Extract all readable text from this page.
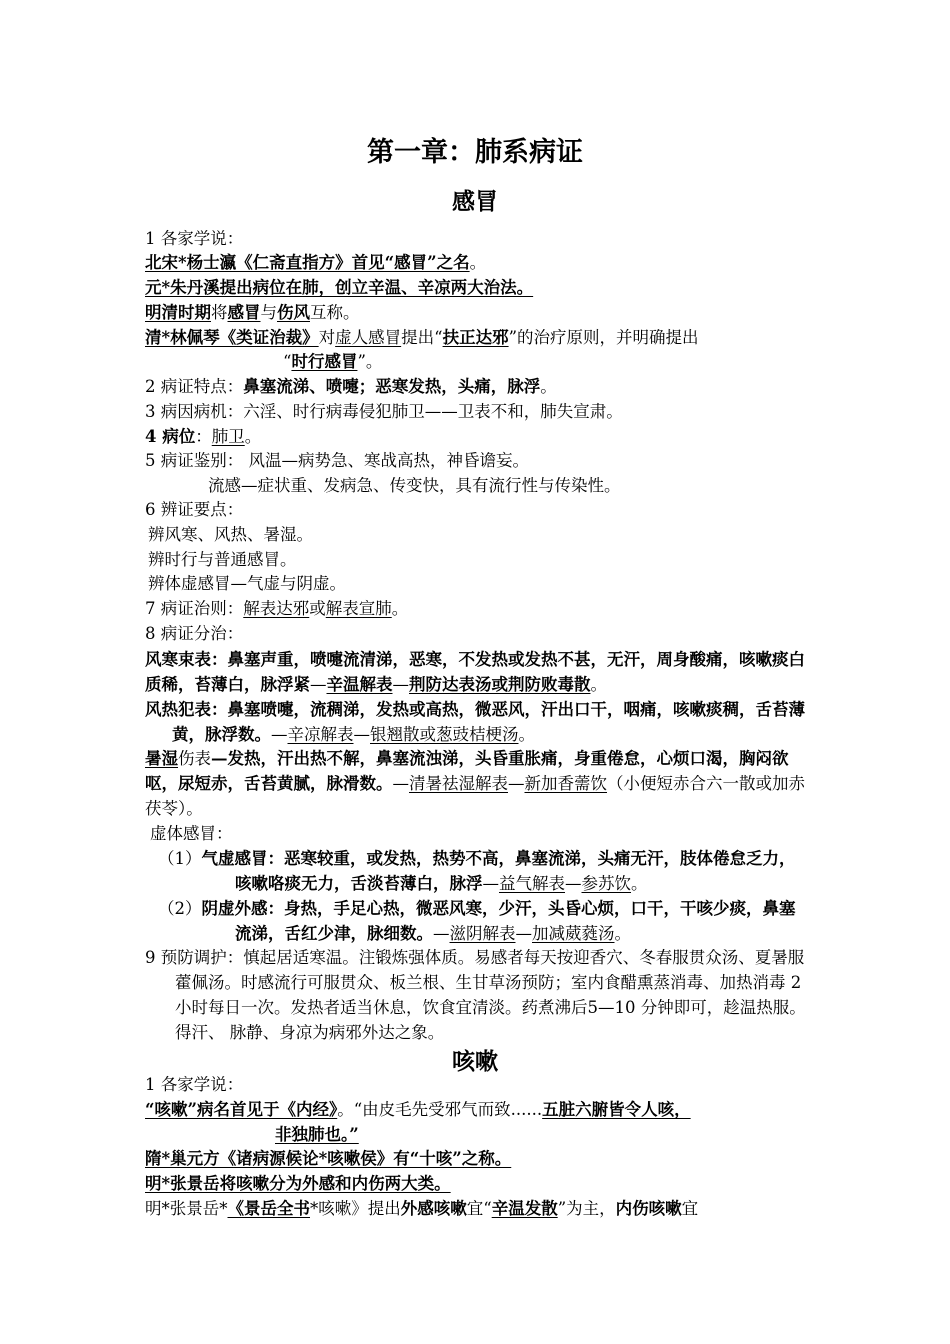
第一章：肺系病证
感冒
1 各家学说：
北宋*杨士瀛《仁斋直指方》首见“感冒”之名。
元*朱丹溪提出病位在肺，创立辛温、辛凉两大治法。
明清时期将感冒与伤风互称。
清*林佩琴《类证治裁》对虚人感冒提出“扶正达邪”的治疗原则，并明确提出
“时行感冒”。
2 病证特点：鼻塞流涕、喷嚏；恶寒发热，头痛，脉浮。
3 病因病机：六淫、时行病毒侵犯肺卫——卫表不和，肺失宣肃。
4 病位：肺卫。
5 病证鉴别： 风温—病势急、寒战高热，神昏谵妄。
流感—症状重、发病急、传变快，具有流行性与传染性。
6 辨证要点：
辨风寒、风热、暑湿。
辨时行与普通感冒。
辨体虚感冒—气虚与阴虚。
7 病证治则：解表达邪或解表宣肺。
8 病证分治：
风寒束表：鼻塞声重，喷嚏流清涕，恶寒，不发热或发热不甚，无汗，周身酸痛，咳嗽痰白质稀，苔薄白，脉浮紧—辛温解表—荆防达表汤或荆防败毒散。
风热犯表：鼻塞喷嚏，流稠涕，发热或高热，微恶风，汗出口干，咽痛，咳嗽痰稠，舌苔薄黄，脉浮数。—辛凉解表—银翘散或葱豉桔梗汤。
暑湿伤表—发热，汗出热不解，鼻塞流浊涕，头昏重胀痛，身重倦怠，心烦口渴，胸闷欲呕，尿短赤，舌苔黄腻，脉滑数。—清暑祛湿解表—新加香薷饮（小便短赤合六一散或加赤茯苓）。
虚体感冒：
（1）气虚感冒：恶寒较重，或发热，热势不高，鼻塞流涕，头痛无汗，肢体倦怠乏力，咳嗽咯痰无力，舌淡苔薄白，脉浮—益气解表—参苏饮。
（2）阴虚外感：身热，手足心热，微恶风寒，少汗，头昏心烦，口干，干咳少痰，鼻塞流涕，舌红少津，脉细数。—滋阴解表—加减葳蕤汤。
9 预防调护：慎起居适寒温。注锻炼强体质。易感者每天按迎香穴、冬春服贯众汤、夏暑服藿佩汤。时感流行可服贯众、板兰根、生甘草汤预防；室内食醋熏蒸消毒、加热消毒 2 小时每日一次。发热者适当休息，饮食宜清淡。药煮沸后5—10 分钟即可，趁温热服。得汗、 脉静、身凉为病邪外达之象。
咳嗽
1 各家学说：
“咳嗽”病名首见于《内经》。“由皮毛先受邪气而致......五脏六腑皆令人咳，
非独肺也。”
隋*巢元方《诸病源候论*咳嗽侯》有“十咳”之称。
明*张景岳将咳嗽分为外感和内伤两大类。
明*张景岳*《景岳全书*咳嗽》提出外感咳嗽宜“辛温发散”为主，内伤咳嗽宜
